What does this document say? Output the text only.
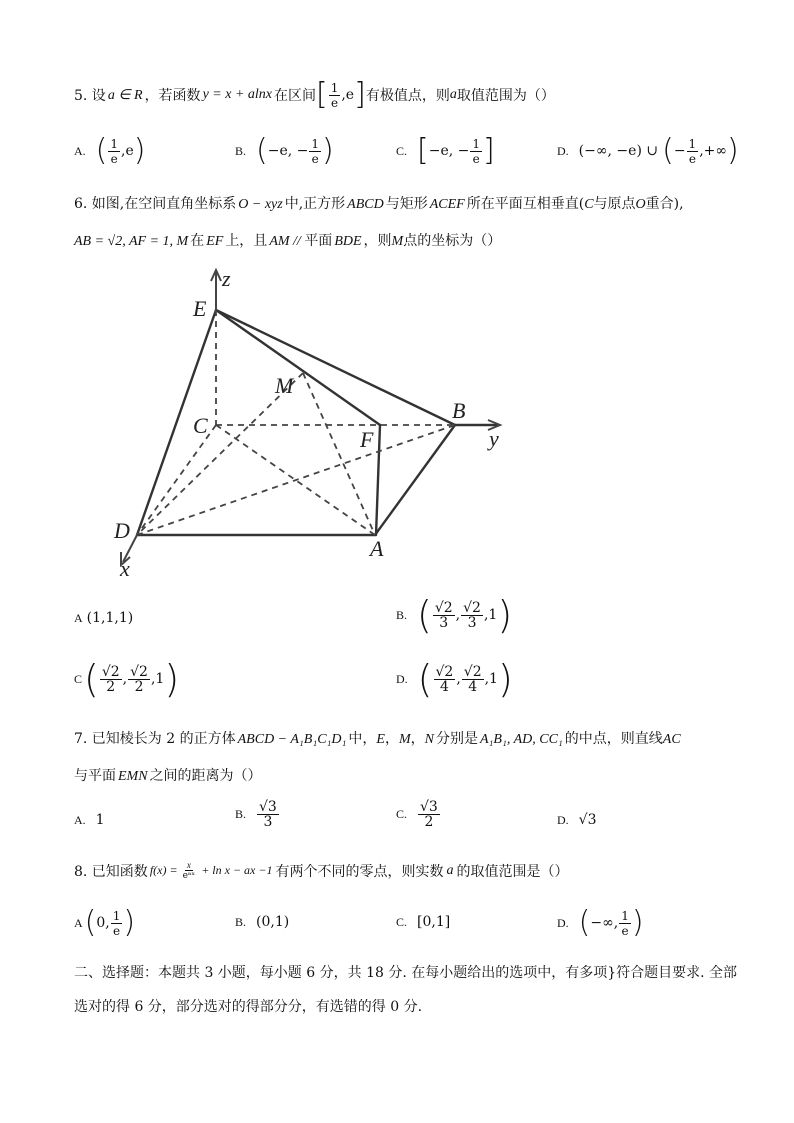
5. 设 a ∈ R ，若函数 y = x + alnx 在区间 [ $\frac{1}{e} ,e$ ] 有极值点，则 a 取值范围为（）
A. ( $\frac{1}{e} ,e$ )	B. ( −e, − $\frac{1}{e}$ )	C. [ −e, − $\frac{1}{e}$ ]	D. (−∞, −e) ∪ ( − $\frac{1}{e}$ ,+∞ )
6. 如图,在空间直角坐标系 O − xyz 中,正方形 ABCD 与矩形 ACEF 所在平面互相垂直(C与原点O重合),
AB = √2, AF = 1, M 在 EF 上，且 AM // 平面 BDE ，则M点的坐标为（）
z
E
M
C
F
B
y
D
A
x
A (1,1,1)	B. ( $\frac{√2}{3}$ , $\frac{√2}{3} ,1$ )
C ( $\frac{√2}{2}$ , $\frac{√2}{2} ,1$ )	D. ( $\frac{√2}{4}$ , $\frac{√2}{4} ,1$ )
7. 已知棱长为 2 的正方体 ABCD − A₁B₁C₁D₁ 中，E，M，N 分别是 A₁B₁, AD, CC₁ 的中点，则直线AC
与平面 EMN 之间的距离为（）
A. 1	B. $\frac{√3}{3}$	C. $\frac{√3}{2}$	D. √3
8. 已知函数 $f(x) = \frac{x}{\text{eᵃˣ}} + \ln x$ − ax −1 有两个不同的零点，则实数 a 的取值范围是（）
A ( 0, $\frac{1}{e}$ )	B. (0,1)	C. [0,1]	D. ( −∞, $\frac{1}{e}$ )
二、选择题：本题共 3 小题，每小题 6 分，共 18 分. 在每小题给出的选项中，有多项}符合题目要求. 全部
选对的得 6 分，部分选对的得部分分，有选错的得 0 分.
